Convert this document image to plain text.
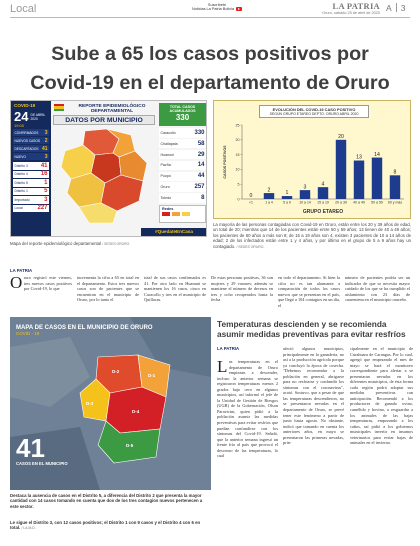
Local	Suscríbete
Noticias La Patria Bolivia	LA PATRIA
Oruro, sábado 25 de abril de 2020 A 3
Sube a 65 los casos positivos por
Covid-19 en el departamento de Oruro
COVID-19
24 DE ABRIL
2020
19:00
CONFIRMADOS 3
NUEVOS CASOS 2
DESCARTADOS 41
NUEVO	3
Distrito 3 41
Distrito 4 16
Distrito 5	1
Distrito 1	5
Importado 3
Local 227
REPORTE EPIDEMIOLÓGICO
DEPARTAMENTAL
DATOS POR MUNICIPIO
TOTAL CASOS ACUMULADOS
330
Caracollo	330
Challapata	58
Huanuni	29
Pazña	14
Poopó	44
Oruro	257
Toledo	8
Redes
#QuedateEnCasa
Mapa del reporte epidemiológico departamental / SEDES ORURO.
EVOLUCIÓN DEL COVID-19 CASO POSITIVO
SEGÚN GRUPO ETAREO DEPTO. ORURO ABRIL 2020
0
5
10
15
20
25
CASOS POSITIVOS
0
<1
2
1 a 4
1
5 a 9
3
10 a 14
4
15 a 19
20
20 a 39
13
40 a 49
14
50 a 59
8
60 y más
GRUPO ETAREO
La mayoría de las personas contagiadas con Covid-19 en Oruro, están entre los 20 y 39 años de edad, un total de 20; mientras que 14 de los pacientes están entre 50 y 59 años; 13 tienen de 40 a 49 años; los pacientes de 60 años a más son 8; de 15 a 19 años son 4, existen 3 pacientes de 10 a 14 años de edad; 2 de los infectados están entre 1 y 4 años, y por último en el grupo de 5 a 9 años hay un contagiado. / SEDES ORURO.
LA PATRIA
O ruro registró este viernes, tres nuevos casos positivos por Covid-19, lo que
incrementa la cifra a 65 en total en el departamento. Estos tres nuevos casos son de pacientes que se encuentran en el municipio de Oruro, por lo tanto el
total de sus casos confirmados es 41. Por otro lado en Huanuni se mantienen los 16 casos, cinco en Caracollo y tres en el municipio de Quillacas.
De estas personas positivas, 36 son mujeres y 29 varones; además se mantiene el número de decesos en tres y ocho recuperados hasta la fecha
en todo el departamento. Si bien la cifra no es tan alarmante a comparación de todos los casos nuevos que se presentan en el país, que llegó a 104 contagios en un día, el
número de pacientes podría ser un indicador de que se necesita mayor cuidado de los que se ha cumplido el aislamiento con 23 días de cuarentena en el municipio orureño.
MAPA DE CASOS EN EL MUNICIPIO DE ORURO
COVID - 19
D-2
D-1
D-3
D-4
D-5
41
CASOS EN EL MUNICIPIO
Destaca la ausencia de casos en el Distrito 5, a diferencia del Distrito 2 que presenta la mayor cantidad con 14 casos tomando en cuenta que dos de los tres contagios nuevos pertenecen a este sector.
Le sigue el Distrito 3, con 12 casos positivos; el Distrito 1 con 9 casos y el Distrito 4 con 6 en total. / LA.M.D.
Temperaturas descienden y se recomienda asumir medidas preventivas para evitar resfríos
LA PATRIA
L as temperaturas en el departamento de Oruro empiezan a descender, incluso la anterior semana se registraron temperaturas menos 2 grados bajo cero en algunos municipios, así informó el jefe de la Unidad de Gestión de Riesgos (UGR) de la Gobernación, Olson Paravicini, quien pidió a la población asumir las medidas preventivas para evitar resfríos que puedan confundirse con los síntomas del Covid-19. Señaló, que la anterior semana ingresó un frente frío al país que provocó el descenso de las temperaturas, lo cual
afectó algunos municipios, principalmente en la ganadería, no así a la producción agrícola porque ya concluyó la época de cosecha. "Debemos recomendar a la población en general, abrigarse para no resfriarse y confundir los síntomas con el coronavirus", acotó. Sostuvo, que a pesar de que las temperaturas descendieron, no se presentaron nevadas en el departamento de Oruro, se prevé tener este fenómeno a partir de junio hasta agosto. No obstante, indicó que tomando en cuenta los anteriores años, en mayo se presentaron las primeras nevadas, prin-
cipalmente en el municipio de Curahuara de Carangas. Por lo cual, agregó que empezando el mes de mayo se hará el monitoreo correspondiente para alertar a se presentaran nevadas en los diferentes municipios, de ésta forma cada región podrá adoptar sus medidas preventivas con anticipación. Recomendó a los productores de ganado ovino, camélido y bovino, a resguardar a los animales de las bajas temperaturas, empezando a los caños, así pidió a los gobiernos municipales invertir en insumos veterinarios para evitar bajas de animales en el invierno.
